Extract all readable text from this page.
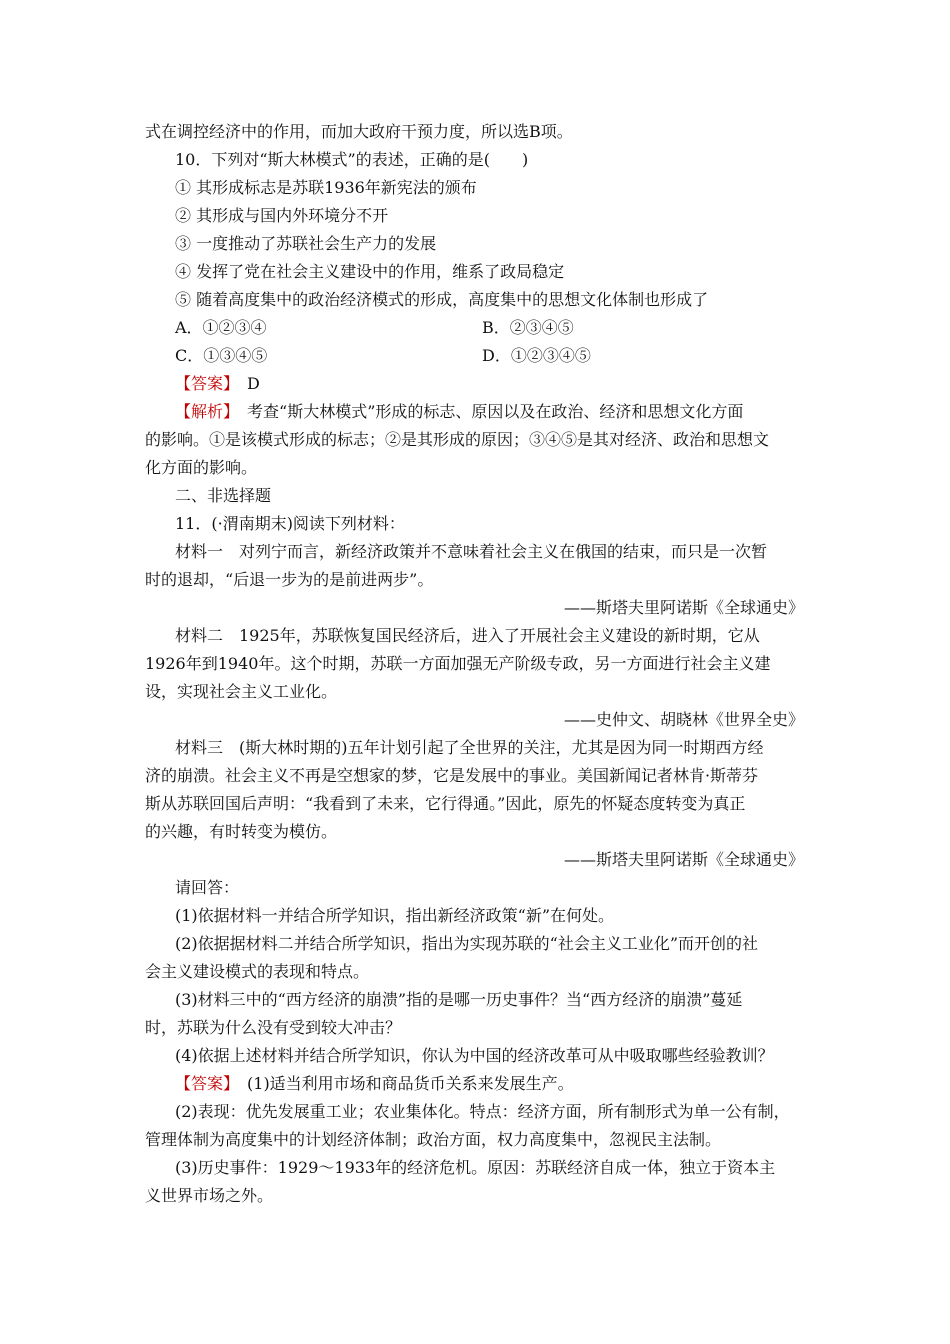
式在调控经济中的作用，而加大政府干预力度，所以选B项。
10．下列对“斯大林模式”的表述，正确的是(　　)
① 其形成标志是苏联1936年新宪法的颁布
② 其形成与国内外环境分不开
③ 一度推动了苏联社会生产力的发展
④ 发挥了党在社会主义建设中的作用，维系了政局稳定
⑤ 随着高度集中的政治经济模式的形成，高度集中的思想文化体制也形成了
A．①②③④	B．②③④⑤
C．①③④⑤	D．①②③④⑤
【答案】　D
【解析】　考查“斯大林模式”形成的标志、原因以及在政治、经济和思想文化方面
的影响。①是该模式形成的标志；②是其形成的原因；③④⑤是其对经济、政治和思想文
化方面的影响。
二、非选择题
11．(·渭南期末)阅读下列材料：
材料一　对列宁而言，新经济政策并不意味着社会主义在俄国的结束，而只是一次暂
时的退却，“后退一步为的是前进两步”。
——斯塔夫里阿诺斯《全球通史》
材料二　1925年，苏联恢复国民经济后，进入了开展社会主义建设的新时期，它从
1926年到1940年。这个时期，苏联一方面加强无产阶级专政，另一方面进行社会主义建
设，实现社会主义工业化。
——史仲文、胡晓林《世界全史》
材料三　(斯大林时期的)五年计划引起了全世界的关注，尤其是因为同一时期西方经
济的崩溃。社会主义不再是空想家的梦，它是发展中的事业。美国新闻记者林肯·斯蒂芬
斯从苏联回国后声明：“我看到了未来，它行得通。”因此，原先的怀疑态度转变为真正
的兴趣，有时转变为模仿。
——斯塔夫里阿诺斯《全球通史》
请回答：
(1)依据材料一并结合所学知识，指出新经济政策“新”在何处。
(2)依据据材料二并结合所学知识，指出为实现苏联的“社会主义工业化”而开创的社
会主义建设模式的表现和特点。
(3)材料三中的“西方经济的崩溃”指的是哪一历史事件？当“西方经济的崩溃”蔓延
时，苏联为什么没有受到较大冲击？
(4)依据上述材料并结合所学知识，你认为中国的经济改革可从中吸取哪些经验教训？
【答案】　(1)适当利用市场和商品货币关系来发展生产。
(2)表现：优先发展重工业；农业集体化。特点：经济方面，所有制形式为单一公有制，
管理体制为高度集中的计划经济体制；政治方面，权力高度集中，忽视民主法制。
(3)历史事件：1929～1933年的经济危机。原因：苏联经济自成一体，独立于资本主
义世界市场之外。
